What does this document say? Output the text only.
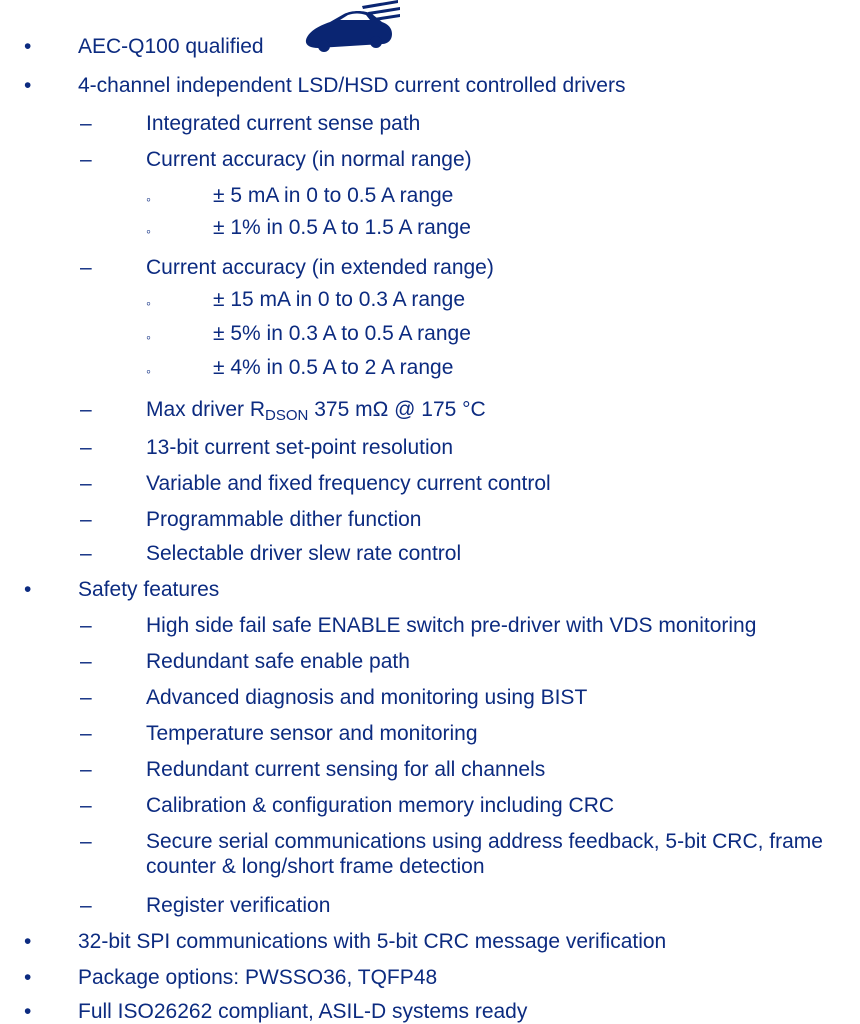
• AEC-Q100 qualified
• 4-channel independent LSD/HSD current controlled drivers
–	Integrated current sense path
–	Current accuracy (in normal range)
◦	± 5 mA in 0 to 0.5 A range
◦	± 1% in 0.5 A to 1.5 A range
–	Current accuracy (in extended range)
◦	± 15 mA in 0 to 0.3 A range
◦	± 5% in 0.3 A to 0.5 A range
◦	± 4% in 0.5 A to 2 A range
–	Max driver $R_{DSON}$ 375 mΩ @ 175 °C
–	13-bit current set-point resolution
–	Variable and fixed frequency current control
–	Programmable dither function
–	Selectable driver slew rate control
• Safety features
–	High side fail safe ENABLE switch pre-driver with VDS monitoring
–	Redundant safe enable path
–	Advanced diagnosis and monitoring using BIST
–	Temperature sensor and monitoring
–	Redundant current sensing for all channels
–	Calibration & configuration memory including CRC
–	Secure serial communications using address feedback, 5-bit CRC, frame counter & long/short frame detection
–	Register verification
• 32-bit SPI communications with 5-bit CRC message verification
• Package options: PWSSO36, TQFP48
• Full ISO26262 compliant, ASIL-D systems ready
